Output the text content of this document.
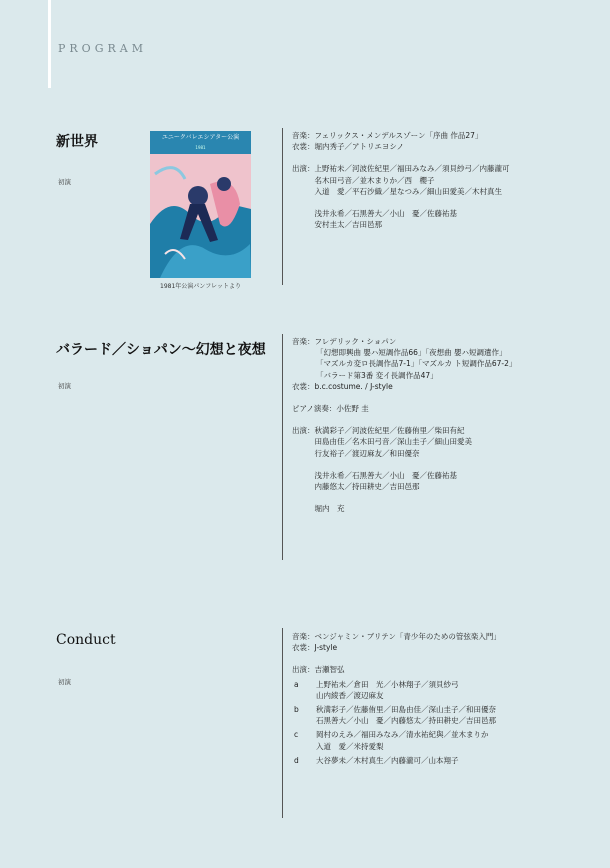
PROGRAM
新世界
初演
ユニークバレエシアター公演
1981
1981年公演パンフレットより
音楽：フェリックス・メンデルスゾーン「序曲 作品27」
衣裳：堀内秀子／アトリエヨシノ
出演： 上野祐未／河波佐紀里／福田みなみ／須貝紗弓／内藤瀧可
名木田弓音／並木まりか／西　櫻子
入道　愛／平石沙織／星なつみ／細山田愛美／木村真生
浅井永希／石黒善大／小山　憂／佐藤祐基
安村圭太／吉田邑那
バラード／ショパン〜幻想と夜想
初演
音楽：フレデリック・ショパン
「幻想即興曲 嬰ハ短調作品66」「夜想曲 嬰ハ短調遺作」
「マズルカ変ロ長調作品7-1」「マズルカ ト短調作品67-2」
「バラード第3番 変イ長調作品47」
衣裳：b.c.costume. / J-style
ピアノ演奏：小佐野 圭
出演： 秋満彩子／河波佐紀里／佐藤侑里／柴田有紀
田島由佳／名木田弓音／深山圭子／細山田愛美
行友裕子／渡辺麻友／和田優奈
浅井永希／石黒善大／小山　憂／佐藤祐基
内藤悠太／持田耕史／吉田邑那
堀内　充
Conduct
初演
音楽：ベンジャミン・ブリテン「青少年のための管弦楽入門」
衣裳：J-style
出演：吉瀬智弘
a	上野祐未／倉田　光／小林翔子／須貝紗弓
山内綾香／渡辺麻友
b	秋満彩子／佐藤侑里／田島由佳／深山圭子／和田優奈
石黒善大／小山　憂／内藤悠太／持田耕史／吉田邑那
c	岡村のえみ／福田みなみ／清水祐紀與／並木まりか
入道　愛／米持愛梨
d	大谷夢未／木村真生／内藤瀧可／山本翔子
